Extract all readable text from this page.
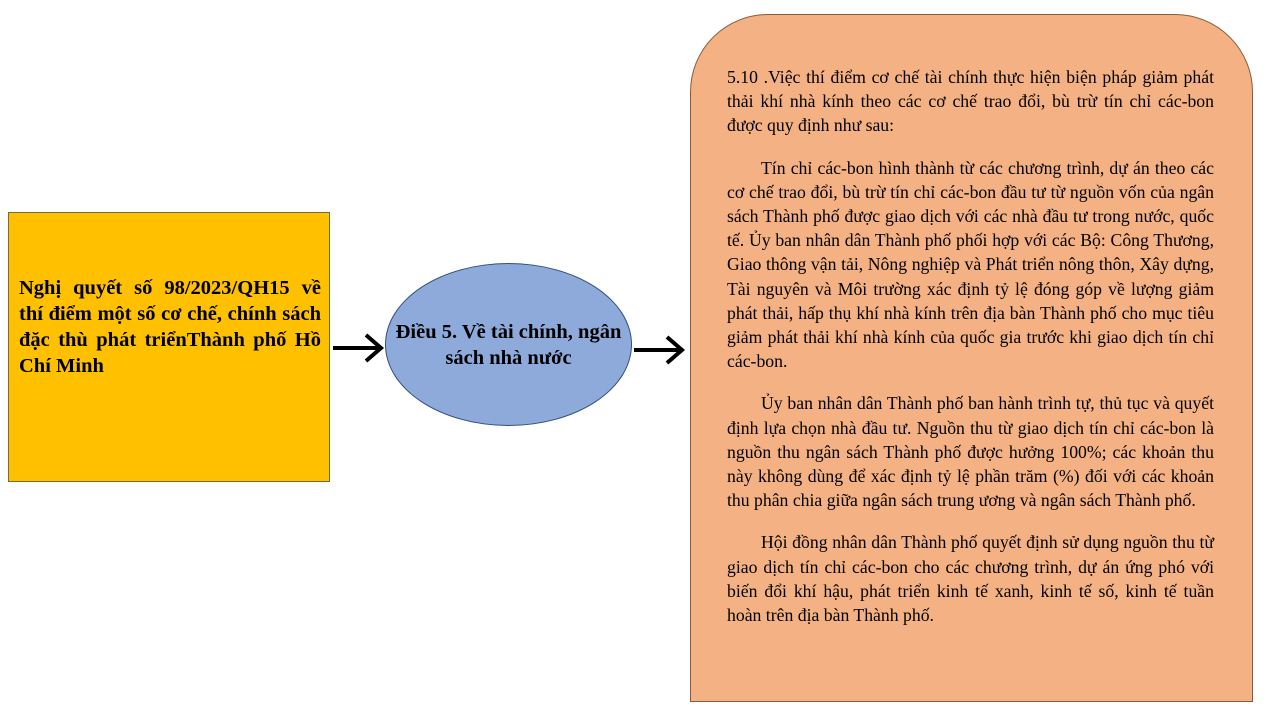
Nghị quyết số 98/2023/QH15 về thí điểm một số cơ chế, chính sách đặc thù phát triểnThành phố Hồ Chí Minh

Điều 5. Về tài chính, ngân sách nhà nước

5.10 .Việc thí điểm cơ chế tài chính thực hiện biện pháp giảm phát thải khí nhà kính theo các cơ chế trao đổi, bù trừ tín chỉ các-bon được quy định như sau:

Tín chỉ các-bon hình thành từ các chương trình, dự án theo các cơ chế trao đổi, bù trừ tín chỉ các-bon đầu tư từ nguồn vốn của ngân sách Thành phố được giao dịch với các nhà đầu tư trong nước, quốc tế. Ủy ban nhân dân Thành phố phối hợp với các Bộ: Công Thương, Giao thông vận tải, Nông nghiệp và Phát triển nông thôn, Xây dựng, Tài nguyên và Môi trường xác định tỷ lệ đóng góp về lượng giảm phát thải, hấp thụ khí nhà kính trên địa bàn Thành phố cho mục tiêu giảm phát thải khí nhà kính của quốc gia trước khi giao dịch tín chỉ các-bon.

Ủy ban nhân dân Thành phố ban hành trình tự, thủ tục và quyết định lựa chọn nhà đầu tư. Nguồn thu từ giao dịch tín chỉ các-bon là nguồn thu ngân sách Thành phố được hưởng 100%; các khoản thu này không dùng để xác định tỷ lệ phần trăm (%) đối với các khoản thu phân chia giữa ngân sách trung ương và ngân sách Thành phố.

Hội đồng nhân dân Thành phố quyết định sử dụng nguồn thu từ giao dịch tín chỉ các-bon cho các chương trình, dự án ứng phó với biến đổi khí hậu, phát triển kinh tế xanh, kinh tế số, kinh tế tuần hoàn trên địa bàn Thành phố.
